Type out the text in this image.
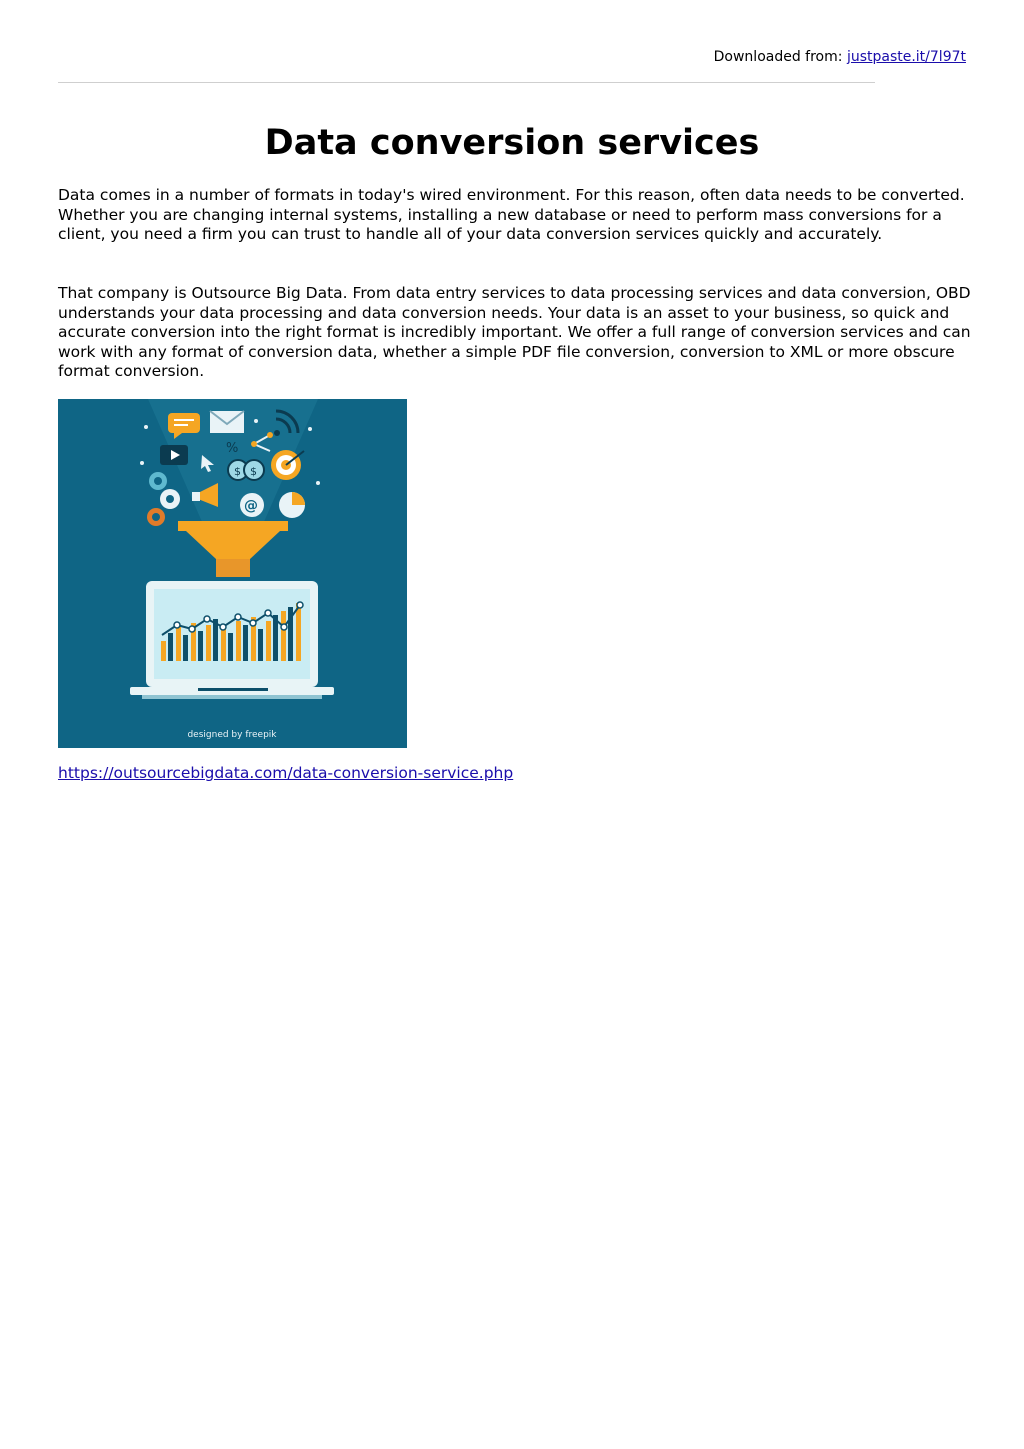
Downloaded from: justpaste.it/7l97t
Data conversion services

Data comes in a number of formats in today's wired environment. For this reason, often data needs to be converted. Whether you are changing internal systems, installing a new database or need to perform mass conversions for a client, you need a firm you can trust to handle all of your data conversion services quickly and accurately.

That company is Outsource Big Data. From data entry services to data processing services and data conversion, OBD understands your data processing and data conversion needs. Your data is an asset to your business, so quick and accurate conversion into the right format is incredibly important. We offer a full range of conversion services and can work with any format of conversion data, whether a simple PDF file conversion, conversion to XML or more obscure format conversion.

%
$ $
@
designed by freepik
https://outsourcebigdata.com/data-conversion-service.php
